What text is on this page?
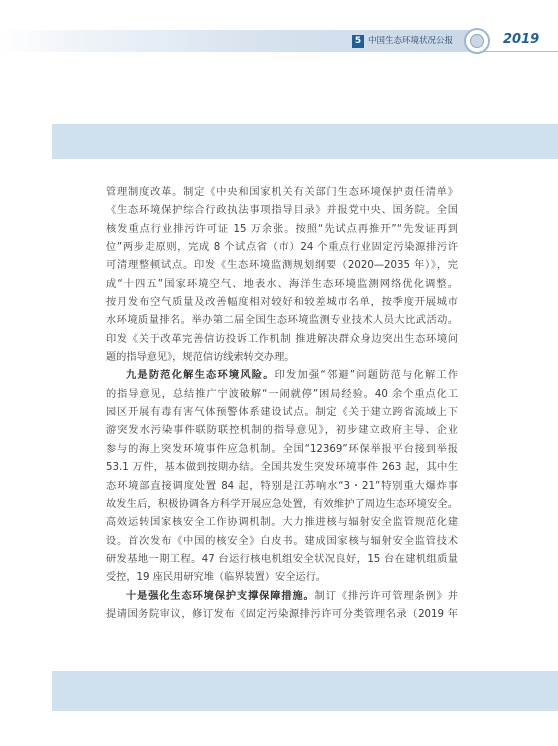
5 中国生态环境状况公报	2019
管理制度改革。制定《中央和国家机关有关部门生态环境保护责任清单》
《生态环境保护综合行政执法事项指导目录》并报党中央、国务院。全国
核发重点行业排污许可证 15 万余张。按照“先试点再推开”“先发证再到
位”两步走原则，完成 8 个试点省（市）24 个重点行业固定污染源排污许
可清理整顿试点。印发《生态环境监测规划纲要（2020—2035 年）》，完
成“十四五”国家环境空气、地表水、海洋生态环境监测网络优化调整。
按月发布空气质量及改善幅度相对较好和较差城市名单，按季度开展城市
水环境质量排名。举办第二届全国生态环境监测专业技术人员大比武活动。
印发《关于改革完善信访投诉工作机制 推进解决群众身边突出生态环境问
题的指导意见》，规范信访线索转交办理。
九是防范化解生态环境风险。印发加强“邻避”问题防范与化解工作
的指导意见，总结推广宁波破解“一闹就停”困局经验。40 余个重点化工
园区开展有毒有害气体预警体系建设试点。制定《关于建立跨省流域上下
游突发水污染事件联防联控机制的指导意见》，初步建立政府主导、企业
参与的海上突发环境事件应急机制。全国“12369”环保举报平台接到举报
53.1 万件，基本做到按期办结。全国共发生突发环境事件 263 起，其中生
态环境部直接调度处置 84 起，特别是江苏响水“3・21”特别重大爆炸事
故发生后，积极协调各方科学开展应急处置，有效维护了周边生态环境安全。
高效运转国家核安全工作协调机制。大力推进核与辐射安全监管规范化建
设。首次发布《中国的核安全》白皮书。建成国家核与辐射安全监管技术
研发基地一期工程。47 台运行核电机组安全状况良好，15 台在建机组质量
受控，19 座民用研究堆（临界装置）安全运行。
十是强化生态环境保护支撑保障措施。制订《排污许可管理条例》并
提请国务院审议，修订发布《固定污染源排污许可分类管理名录（2019 年
